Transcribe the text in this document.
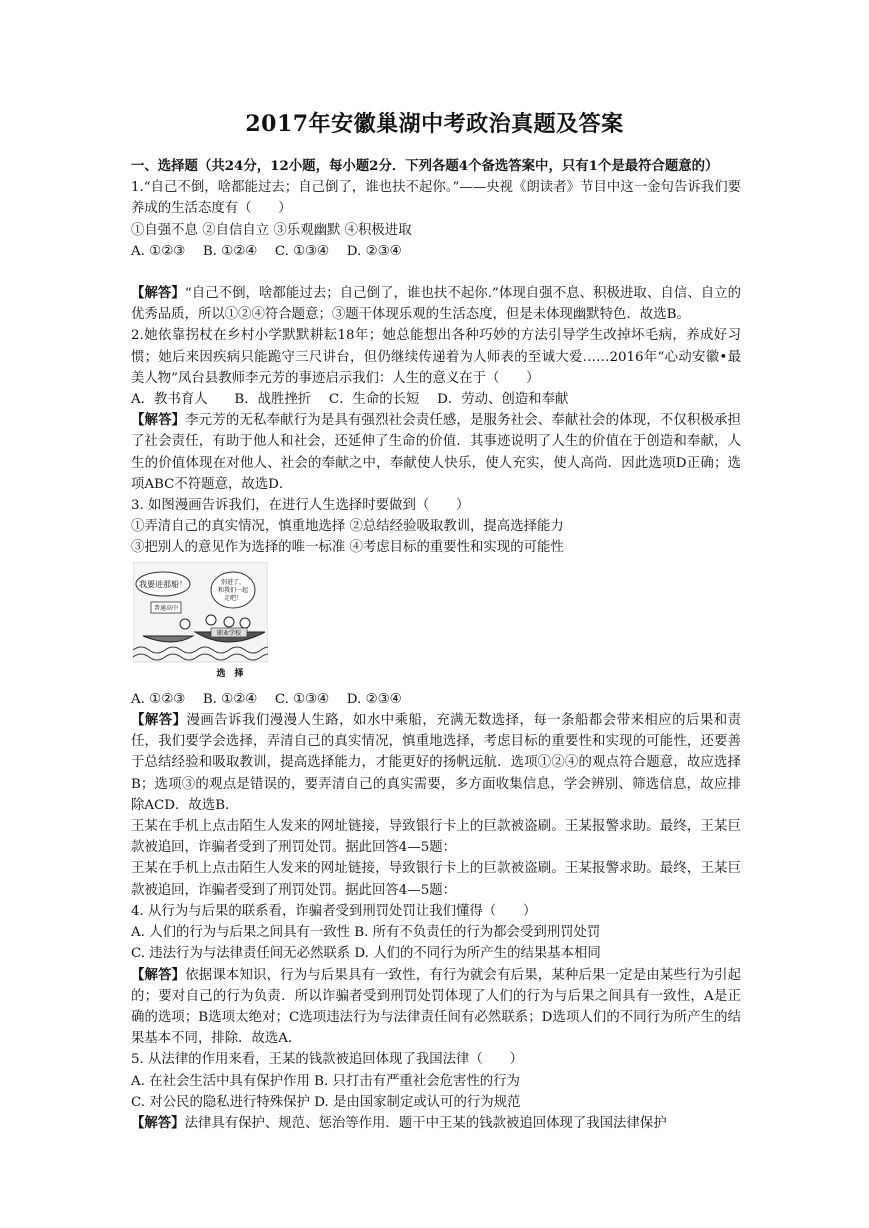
2017年安徽巢湖中考政治真题及答案

一、选择题（共24分，12小题，每小题2分．下列各题4个备选答案中，只有1个是最符合题意的）

1.“自己不倒，啥都能过去；自己倒了，谁也扶不起你。”——央视《朗读者》节目中这一金句告诉我们要养成的生活态度有（　　）

①自强不息 ②自信自立 ③乐观幽默 ④积极进取

A. ①②③　 B. ①②④　 C. ①③④　 D. ②③④

【解答】“自己不倒，啥都能过去；自己倒了，谁也扶不起你.”体现自强不息、积极进取、自信、自立的优秀品质，所以①②④符合题意；③题干体现乐观的生活态度，但是未体现幽默特色．故选B。

2.她依靠拐杖在乡村小学默默耕耘18年；她总能想出各种巧妙的方法引导学生改掉坏毛病，养成好习惯；她后来因疾病只能跪守三尺讲台，但仍继续传递着为人师表的至诚大爱……2016年“心动安徽•最美人物”凤台县教师李元芳的事迹启示我们：人生的意义在于（　　）

A．教书育人　　B．战胜挫折　 C．生命的长短　 D．劳动、创造和奉献

【解答】李元芳的无私奉献行为是具有强烈社会责任感，是服务社会、奉献社会的体现，不仅积极承担了社会责任，有助于他人和社会，还延伸了生命的价值．其事迹说明了人生的价值在于创造和奉献，人生的价值体现在对他人、社会的奉献之中，奉献使人快乐，使人充实，使人高尚．因此选项D正确；选项ABC不符题意，故选D．

3. 如图漫画告诉我们，在进行人生选择时要做到（　　）

①弄清自己的真实情况，慎重地选择 ②总结经验吸取教训，提高选择能力

③把别人的意见作为选择的唯一标准 ④考虑目标的重要性和实现的可能性

我要进那船！
普通高中
别进了，
和我们一起
走吧！
职业学校
选　择

A. ①②③　 B. ①②④　 C. ①③④　 D. ②③④

【解答】漫画告诉我们漫漫人生路，如水中乘船，充满无数选择，每一条船都会带来相应的后果和责任，我们要学会选择，弄清自己的真实情况，慎重地选择，考虑目标的重要性和实现的可能性，还要善于总结经验和吸取教训，提高选择能力，才能更好的扬帆远航．选项①②④的观点符合题意，故应选择B；选项③的观点是错误的，要弄清自己的真实需要，多方面收集信息，学会辨别、筛选信息，故应排除ACD．故选B．

王某在手机上点击陌生人发来的网址链接，导致银行卡上的巨款被盗刷。王某报警求助。最终，王某巨款被追回，诈骗者受到了刑罚处罚。据此回答4—5题：

王某在手机上点击陌生人发来的网址链接，导致银行卡上的巨款被盗刷。王某报警求助。最终，王某巨款被追回，诈骗者受到了刑罚处罚。据此回答4—5题：

4. 从行为与后果的联系看，诈骗者受到刑罚处罚让我们懂得（　　）

A. 人们的行为与后果之间具有一致性 B. 所有不负责任的行为都会受到刑罚处罚

C. 违法行为与法律责任间无必然联系 D. 人们的不同行为所产生的结果基本相同

【解答】依据课本知识，行为与后果具有一致性，有行为就会有后果，某种后果一定是由某些行为引起的；要对自己的行为负责．所以诈骗者受到刑罚处罚体现了人们的行为与后果之间具有一致性，A是正确的选项；B选项太绝对；C选项违法行为与法律责任间有必然联系；D选项人们的不同行为所产生的结果基本不同，排除．故选A．

5. 从法律的作用来看，王某的钱款被追回体现了我国法律（　　）

A. 在社会生活中具有保护作用 B. 只打击有严重社会危害性的行为

C. 对公民的隐私进行特殊保护 D. 是由国家制定或认可的行为规范

【解答】法律具有保护、规范、惩治等作用．题干中王某的钱款被追回体现了我国法律保护
